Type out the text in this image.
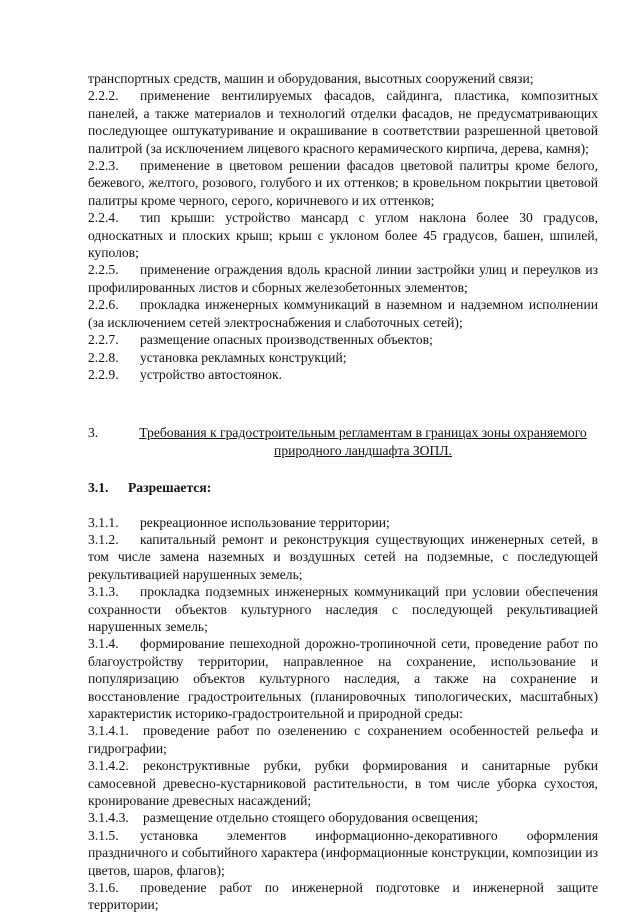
транспортных средств, машин и оборудования, высотных сооружений связи;

2.2.2. применение вентилируемых фасадов, сайдинга, пластика, композитных панелей, а также материалов и технологий отделки фасадов, не предусматривающих последующее оштукатуривание и окрашивание в соответствии разрешенной цветовой палитрой (за исключением лицевого красного керамического кирпича, дерева, камня);

2.2.3. применение в цветовом решении фасадов цветовой палитры кроме белого, бежевого, желтого, розового, голубого и их оттенков; в кровельном покрытии цветовой палитры кроме черного, серого, коричневого и их оттенков;

2.2.4. тип крыши: устройство мансард с углом наклона более 30 градусов, односкатных и плоских крыш; крыш с уклоном более 45 градусов, башен, шпилей, куполов;

2.2.5. применение ограждения вдоль красной линии застройки улиц и переулков из профилированных листов и сборных железобетонных элементов;

2.2.6. прокладка инженерных коммуникаций в наземном и надземном исполнении (за исключением сетей электроснабжения и слаботочных сетей);

2.2.7. размещение опасных производственных объектов;

2.2.8. установка рекламных конструкций;

2.2.9. устройство автостоянок.

3.	Требования к градостроительным регламентам в границах зоны охраняемого природного ландшафта ЗОПЛ.

3.1. Разрешается:

3.1.1. рекреационное использование территории;

3.1.2. капитальный ремонт и реконструкция существующих инженерных сетей, в том числе замена наземных и воздушных сетей на подземные, с последующей рекультивацией нарушенных земель;

3.1.3. прокладка подземных инженерных коммуникаций при условии обеспечения сохранности объектов культурного наследия с последующей рекультивацией нарушенных земель;

3.1.4. формирование пешеходной дорожно-тропиночной сети, проведение работ по благоустройству территории, направленное на сохранение, использование и популяризацию объектов культурного наследия, а также на сохранение и восстановление градостроительных (планировочных типологических, масштабных) характеристик историко-градостроительной и природной среды:

3.1.4.1. проведение работ по озеленению с сохранением особенностей рельефа и гидрографии;

3.1.4.2. реконструктивные рубки, рубки формирования и санитарные рубки самосевной древесно-кустарниковой растительности, в том числе уборка сухостоя, кронирование древесных насаждений;

3.1.4.3. размещение отдельно стоящего оборудования освещения;

3.1.5. установка элементов информационно-декоративного оформления праздничного и событийного характера (информационные конструкции, композиции из цветов, шаров, флагов);

3.1.6. проведение работ по инженерной подготовке и инженерной защите территории;
